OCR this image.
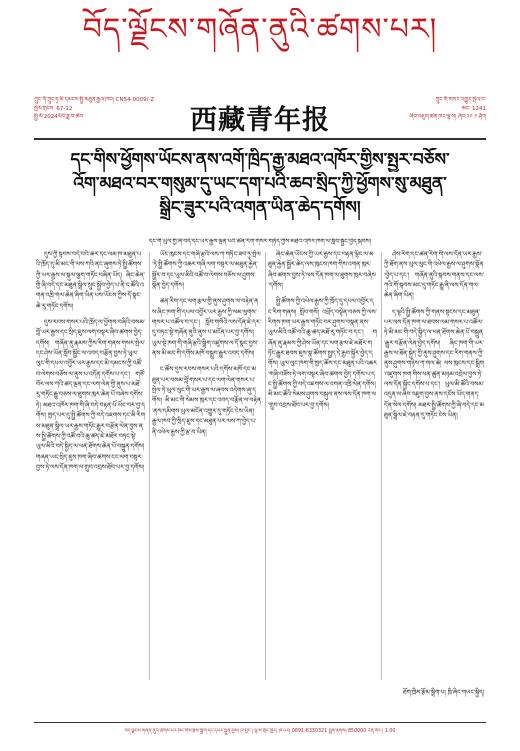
བོད་ལྗོངས་གཞོན་ནུའི་ཚགས་པར།
ཀྲུང་གོ་ཀྲུང་ཧྭ་མི་དམངས་སྤྱི་མཐུན་རྒྱལ་ཁབ། CN54-0009/-Z
སྤེལ་གྲངས་ 67-12
སྤྱི་ལོ་2024ལོའི་ཟླ་བ་ཚེས་	西藏青年报
ཀྲུང་གོ་གསར་འགྱུར་སྤེལ་བ་
ཨང་ 1241
ཞིབ་འཇུག་ཚན་ཁང་ལྷ་ས། ཞིབ་༢༠ ༡ ཤོག
དང་གིས་ཕྱོགས་ཡོངས་ནས་འགོ་ཁྲིད་རྒྱ་མཐའ་འཁོར་གྱིས་སྤྱར་བཅོས་
འོག་མཐའ་བར་གསུམ་དུ་ཡང་དག་པའི་ཆབ་སྲིད་ཀྱི་ཕྱོགས་སུ་མཐུན་
སྒྲིང་ཟུར་པའི་འགན་ཡིན་ཆེད་དགོས།
དང་གི་ཡུལ་གྱི་ཞི་བདེ་དང་ཡར་རྒྱས་ལྡན་པའི་ཚན་རིག་གསར་གཏོད་ཀྱིས་མཐའ་འཁོར་ཁག་ལ་སློབ་སྦྱོང་བྱེད་སྐབས།

དུས་ཀྱི་སྟབས་བདེ་བའི་ཆར་དང་ལམ་ཁ་མཐུན་པའི་ཁྲོད་དུ་མི་མང་གི་ལས་ཀའི་ནང་ཞུགས་ཏེ་སྤྱི་ཚོགས་ཀྱི་ཡར་རྒྱས་ལ་སྐུལ་ལྕག་གཏོང་བཞིན་ཡོད། ཞིང་ཆེན་གྱི་ཞི་བདེ་དང་མཐུན་སྒྲིལ་སྲུང་སྐྱོབ་བྱེད་པ་ནི་ང་ཚོའི་འགན་འཁྲི་གལ་ཆེན་ཞིག་ཡིན་པས་ཡོངས་ཀྱིས་དོ་སྣང་ཆེ་རུ་གཏོང་དགོས།

དུས་རབས་གསར་པའི་ཁྲོད་ལ་ཕྱོགས་བཞིའི་བསམ་བློ་ཡར་རྒྱས་དང་སྲིད་ཇུས་ལག་བསྟར་ཞིབ་ཚགས་བྱེད་དགོས། གཞོན་ནུ་རྣམས་ཀྱིས་རིག་གནས་གསར་སྤེལ་དང་ཤེས་ཡོན་སློབ་སྦྱོང་ལ་འབད་བརྩོན་བྱས་ཏེ་ཡུལ་ལུང་གི་དཔལ་འབྱོར་ཡར་རྒྱས་དང་མི་དམངས་ཀྱི་འཚོ་བ་ལེགས་བཅོས་ལ་ནུས་པ་འདོན་དགོས་པ་དང་། གཙོ་བོར་ལས་ཀའི་ཚད་ལྡན་དང་ལག་ལེན་གྱི་ནུས་པ་མཐོ་རུ་གཏོང་རྒྱུ་བཅས་ལ་ཐུགས་ཁུར་ཆེན་པོ་བཞེས་དགོས་ཏེ། མཐའ་འཁོར་ཁག་གི་ཞི་བདེ་བརྟན་པོ་ཡོང་བར་བྱ་དགོས། ཁྱད་པར་དུ་སྤྱི་ཚོགས་ཀྱི་བདེ་འཇགས་དང་མི་རིགས་མཐུན་སྒྲིལ་ཡར་རྒྱས་གཏོང་རྒྱུར་བརྩོན་ལེན་བྱས་ནས་སྤྱི་ཚོགས་ཀྱི་འཚོ་བའི་ཆུ་ཚད་ཇེ་མཐོར་བཏང་སྟེ་ཡུལ་མིའི་བདེ་སྐྱིད་ལ་ཕན་ཐོགས་ཆེན་པོ་བསྐྲུན་དགོས། གཞན་ཡང་སྲིད་ཇུས་ཁག་ཞིབ་ཚགས་ངང་ལག་བསྟར་བྱས་ཏེ་ལས་དོན་ཁག་ལ་གྲུབ་འབྲས་ཐོབ་པར་བྱ་དགོས།

ཡོང་ཁུངས་དང་གཞི་རྩའི་ལས་ཀ་གཏིང་ཟབ་ཏུ་སྤེལ་ཏེ་སྤྱི་ཚོགས་ཀྱི་འཆར་གཞི་ལག་བསྟར་ལ་མཐུན་རྐྱེན་སྦྱོར་བ་དང་ཡུལ་མིའི་འཚོ་བ་ལེགས་བཅོས་ལ་ཤུགས་སྣོན་བྱེད་དགོས།

ཚན་རིག་དང་ལག་རྩལ་གྱི་ནུས་ཤུགས་ལ་བརྟེན་ནས་ཞིང་ཁག་གི་དཔལ་འབྱོར་ཡར་རྒྱས་ཀྱི་ལམ་ལུགས་གསར་པ་འཚོལ་བ་དང་། སློབ་གསོའི་ལས་དོན་ཇེ་དར་དུ་བཏང་སྟེ་གཞོན་ནུའི་ནུས་པ་མངོན་པར་བྱ་དགོས། ཡུལ་སྡེ་ཁག་གི་གཞི་རྩའི་སྒྲིག་འཛུགས་ལ་དོ་སྣང་བྱས་ནས་མི་མང་གི་དགོས་མཁོ་བསྒྲུབ་རྒྱུར་འབད་དགོས།

ང་ཚོས་དུས་རབས་གསར་པའི་དགོས་མཁོ་དང་མཐུན་པར་བསམ་བློ་གསར་པ་དང་ལག་ལེན་གསར་པ་སྤེལ་ཏེ་ཡུལ་ལུང་གི་ཡར་རྒྱས་ལ་ཞབས་འདེགས་ཞུ་དགོས། མི་མང་གི་སེམས་ཁུར་དང་འབད་བརྩོན་ལ་བརྟེན་ནས་དམིགས་ཡུལ་མངོན་འགྱུར་དུ་གཏོང་ངེས་ཡིན། རྒྱལ་ཁབ་ཀྱི་སྲིད་ཇུས་དང་མཐུན་པར་ལས་ཀ་བྱེད་པ་ནི་འཕེལ་རྒྱས་ཀྱི་རྩ་བ་ཡིན།

ཞིང་ཆེན་ཡོངས་ཀྱི་ཡར་རྒྱས་དང་བརྟན་ལྷིང་ལ་མཐུན་རྐྱེན་སྦྱོར་ཆེད་ལས་ཁུངས་ཁག་གིས་འགན་ཁུར་ཞིབ་ཚགས་བྱས་ཏེ་ལས་དོན་ཁག་ལ་ཐུགས་ཁུར་བཞེས་དགོས།

སྤྱི་ཚོགས་ཀྱི་འཕེལ་རྒྱས་ཀྱི་ཁྲོད་དུ་དཔལ་འབྱོར་དང་རིག་གནས། སློབ་གསོ། འཕྲོད་བསྟེན་བཅས་ཀྱི་ལས་རིགས་ཁག་ཡར་རྒྱས་གཏོང་བར་ཤུགས་བསྣན་ནས་ཡུལ་མིའི་འཚོ་བའི་ཆུ་ཚད་མཐོ་རུ་གཏོང་བ་དང་། གཞོན་ནུ་རྣམས་ཀྱི་ཤེས་ཡོན་དང་ལག་རྩལ་ཇེ་མཐོར་གཏོང་རྒྱུར་ཐབས་ཇུས་སྣ་ཚོགས་སྤྱད་དེ་རྒྱབ་སྐྱོར་བྱེད་དགོས། ཡུལ་ལུང་ཁག་གི་ཁྱད་ཆོས་དང་མཐུན་པའི་འཆར་གཞི་བཟོས་ཏེ་ལག་བསྟར་ཞིབ་ཚགས་བྱེད་དགོས་པ་དང་སྤྱི་ཚོགས་ཀྱི་བདེ་འཇགས་ལ་འགན་འཁྲི་ལེན་དགོས། མི་མང་ཚོའི་སེམས་ཤུགས་བསྐུལ་ནས་ལས་དོན་ཁག་ལ་གྲུབ་འབྲས་ཐོབ་པར་བྱ་དགོས།

ཤེས་རིག་དང་ཚན་རིག་གི་ལས་དོན་ཡར་རྒྱས་ཀྱི་ཐོག་ནས་ཡུལ་ལུང་གི་འཕེལ་རྒྱས་ལ་ཤུགས་སྣོན་བྱེད་པ་དང་། གཞོན་ནུའི་སྐབས་གནས་དང་ལས་ཀའི་གོ་སྐབས་མང་དུ་གཏོང་རྒྱུ་ནི་ལས་དོན་གལ་ཆེན་ཞིག་ཡིན།

ད་ལྟའི་སྤྱི་ཚོགས་ཀྱི་གནས་སྟངས་དང་མཐུན་པར་ལས་དོན་ཁག་ལ་ཐབས་ལམ་གསར་པ་འཚོལ་ཏེ་མི་མང་གི་བདེ་སྐྱིད་ལ་ཕན་ཐོགས་ཆེན་པོ་བསྐྲུན་རྒྱུར་བརྩོན་ལེན་བྱེད་དགོས། ཞིང་ཁག་གི་ཡར་རྒྱས་ལ་ཐོན་སྐྱེད་ཀྱི་ནུས་ཤུགས་དང་རིག་གནས་ཀྱི་ནུས་ཤུགས་གཉིས་ཀ་གལ་ཆེ། ལས་ཁུངས་དང་སྒྲིག་འཛུགས་ཁག་གིས་ཕན་ཚུན་མཉམ་འབྲེལ་བྱས་ཏེ་ལས་དོན་སྐྱོང་དགོས་པ་དང་། ཡུལ་མི་ཚོའི་བསམ་འདུན་ལ་ཞིབ་འཇུག་བྱས་ནས་དངོས་ཡོད་གནད་དོན་སེལ་དགོས། མཐར་སྤྱི་ཚོགས་ཀྱི་ཞི་བདེ་དང་མཐུན་སྒྲིལ་ཇེ་བརྟན་དུ་གཏོང་ངེས་ཡིན།

ཐོག་ཁྲིམ་རྩོམ་སྒྲིག་པ། ཁྲི་ཞིང་གཡང་སྐྱིད།
བོད་ལྗོངས་གཞོན་ནུའི་ཚགས་པར་ཁང་གིས་རྩོམ་སྒྲིག་དང་དཔར་སྐྲུན་བྱས། ཁ་བྱང་། ལྷ་ས་གྲོང་ཁྱེར། ཁ་པར། 0891-6330321 སྦྲག་རྟགས། 850000 རིན་གོང་། 1.00
